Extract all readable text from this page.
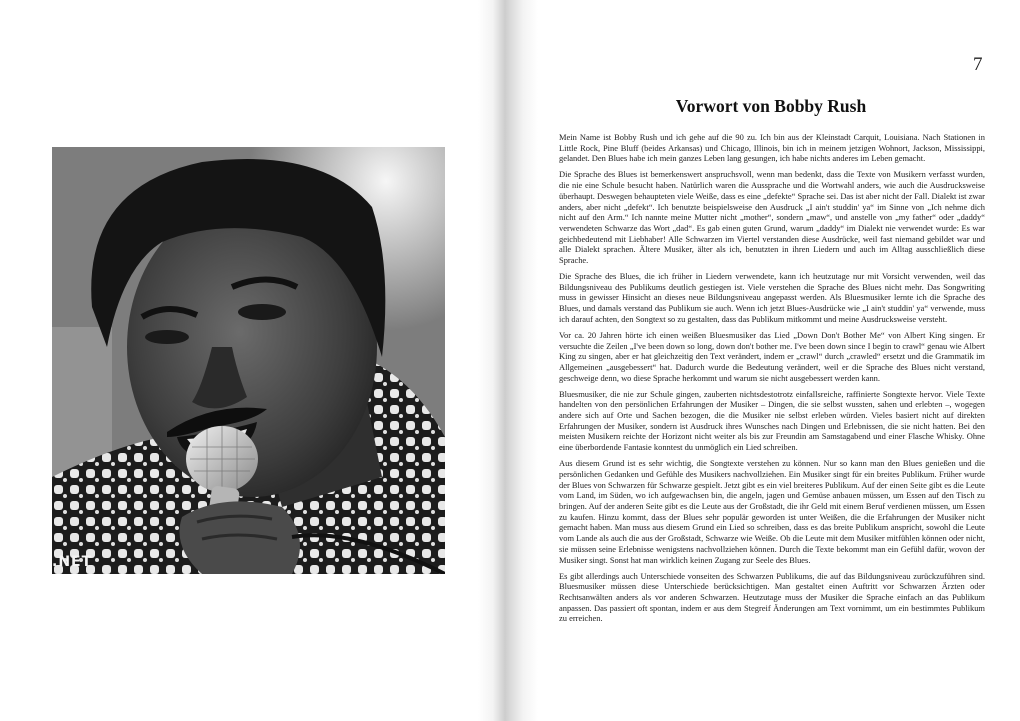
.NET
7
Vorwort von Bobby Rush

Mein Name ist Bobby Rush und ich gehe auf die 90 zu. Ich bin aus der Kleinstadt Carquit, Louisiana. Nach Stationen in Little Rock, Pine Bluff (beides Arkansas) und Chicago, Illinois, bin ich in meinem jetzigen Wohnort, Jackson, Mississippi, gelandet. Den Blues habe ich mein ganzes Leben lang gesungen, ich habe nichts anderes im Leben gemacht.

Die Sprache des Blues ist bemerkenswert anspruchsvoll, wenn man bedenkt, dass die Texte von Musikern verfasst wurden, die nie eine Schule besucht haben. Natürlich waren die Aussprache und die Wortwahl anders, wie auch die Ausdrucksweise überhaupt. Deswegen behaupteten viele Weiße, dass es eine „defekte“ Sprache sei. Das ist aber nicht der Fall. Dialekt ist zwar anders, aber nicht „defekt“. Ich benutzte beispielsweise den Ausdruck „I ain't studdin' ya“ im Sinne von „Ich nehme dich nicht auf den Arm.“ Ich nannte meine Mutter nicht „mother“, sondern „maw“, und anstelle von „my father“ oder „daddy“ verwendeten Schwarze das Wort „dad“. Es gab einen guten Grund, warum „daddy“ im Dialekt nie verwendet wurde: Es war geichbedeutend mit Liebhaber! Alle Schwarzen im Viertel verstanden diese Ausdrücke, weil fast niemand gebildet war und alle Dialekt sprachen. Ältere Musiker, älter als ich, benutzten in ihren Liedern und auch im Alltag ausschließlich diese Sprache.

Die Sprache des Blues, die ich früher in Liedern verwendete, kann ich heutzutage nur mit Vorsicht verwenden, weil das Bildungsniveau des Publikums deutlich gestiegen ist. Viele verstehen die Sprache des Blues nicht mehr. Das Songwriting muss in gewisser Hinsicht an dieses neue Bildungsniveau angepasst werden. Als Bluesmusiker lernte ich die Sprache des Blues, und damals verstand das Publikum sie auch. Wenn ich jetzt Blues-Ausdrücke wie „I ain't studdin' ya“ verwende, muss ich darauf achten, den Songtext so zu gestalten, dass das Publikum mitkommt und meine Ausdrucksweise versteht.

Vor ca. 20 Jahren hörte ich einen weißen Bluesmusiker das Lied „Down Don't Bother Me“ von Albert King singen. Er versuchte die Zeilen „I've been down so long, down don't bother me. I've been down since I begin to crawl“ genau wie Albert King zu singen, aber er hat gleichzeitig den Text verändert, indem er „crawl“ durch „crawled“ ersetzt und die Grammatik im Allgemeinen „ausgebessert“ hat. Dadurch wurde die Bedeutung verändert, weil er die Sprache des Blues nicht verstand, geschweige denn, wo diese Sprache herkommt und warum sie nicht ausgebessert werden kann.

Bluesmusiker, die nie zur Schule gingen, zauberten nichtsdestotrotz einfallsreiche, raffinierte Songtexte hervor. Viele Texte handelten von den persönlichen Erfahrungen der Musiker – Dingen, die sie selbst wussten, sahen und erlebten –, wogegen andere sich auf Orte und Sachen bezogen, die die Musiker nie selbst erleben würden. Vieles basiert nicht auf direkten Erfahrungen der Musiker, sondern ist Ausdruck ihres Wunsches nach Dingen und Erlebnissen, die sie nicht hatten. Bei den meisten Musikern reichte der Horizont nicht weiter als bis zur Freundin am Samstagabend und einer Flasche Whisky. Ohne eine überbordende Fantasie konntest du unmöglich ein Lied schreiben.

Aus diesem Grund ist es sehr wichtig, die Songtexte verstehen zu können. Nur so kann man den Blues genießen und die persönlichen Gedanken und Gefühle des Musikers nachvollziehen. Ein Musiker singt für ein breites Publikum. Früher wurde der Blues von Schwarzen für Schwarze gespielt. Jetzt gibt es ein viel breiteres Publikum. Auf der einen Seite gibt es die Leute vom Land, im Süden, wo ich aufgewachsen bin, die angeln, jagen und Gemüse anbauen müssen, um Essen auf den Tisch zu bringen. Auf der anderen Seite gibt es die Leute aus der Großstadt, die ihr Geld mit einem Beruf verdienen müssen, um Essen zu kaufen. Hinzu kommt, dass der Blues sehr populär geworden ist unter Weißen, die die Erfahrungen der Musiker nicht gemacht haben. Man muss aus diesem Grund ein Lied so schreiben, dass es das breite Publikum anspricht, sowohl die Leute vom Lande als auch die aus der Großstadt, Schwarze wie Weiße. Ob die Leute mit dem Musiker mitfühlen können oder nicht, sie müssen seine Erlebnisse wenigstens nachvollziehen können. Durch die Texte bekommt man ein Gefühl dafür, wovon der Musiker singt. Sonst hat man wirklich keinen Zugang zur Seele des Blues.

Es gibt allerdings auch Unterschiede vonseiten des Schwarzen Publikums, die auf das Bildungsniveau zurückzuführen sind. Bluesmusiker müssen diese Unterschiede berücksichtigen. Man gestaltet einen Auftritt vor Schwarzen Ärzten oder Rechtsanwälten anders als vor anderen Schwarzen. Heutzutage muss der Musiker die Sprache einfach an das Publikum anpassen. Das passiert oft spontan, indem er aus dem Stegreif Änderungen am Text vornimmt, um ein bestimmtes Publikum zu erreichen.
